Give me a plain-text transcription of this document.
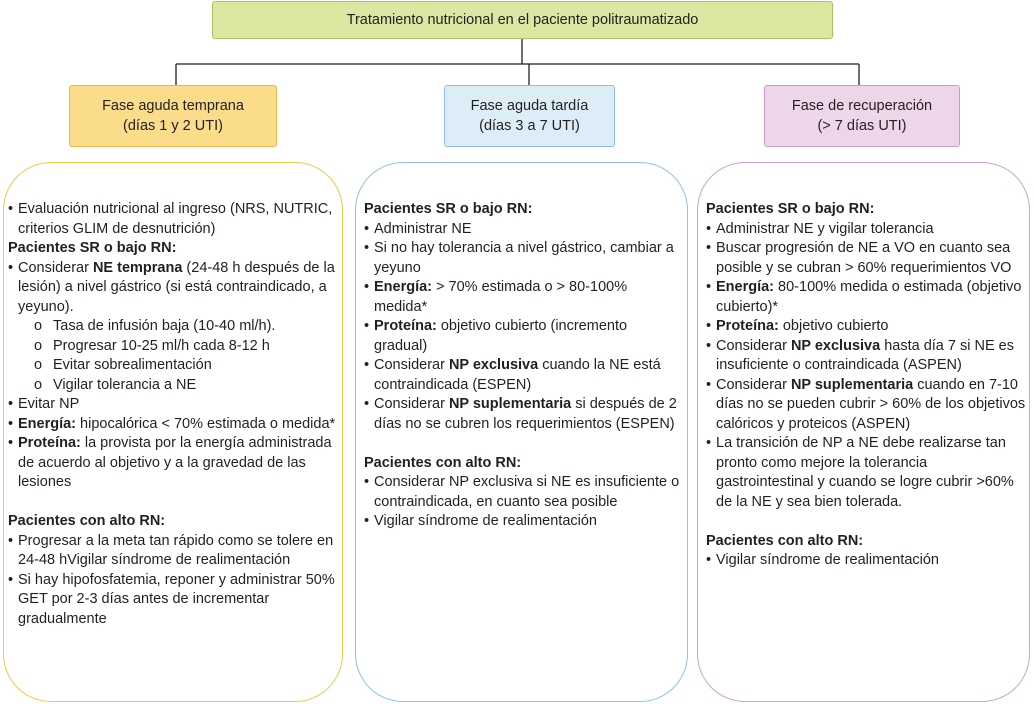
Tratamiento nutricional en el paciente politraumatizado
Fase aguda temprana
(días 1 y 2 UTI)
Fase aguda tardía
(días 3 a 7 UTI)
Fase de recuperación
(> 7 días UTI)
• Evaluación nutricional al ingreso (NRS, NUTRIC, criterios GLIM de desnutrición)
Pacientes SR o bajo RN:
• Considerar NE temprana (24-48 h después de la lesión) a nivel gástrico (si está contraindicado, a yeyuno).
o Tasa de infusión baja (10-40 ml/h).
o Progresar 10-25 ml/h cada 8-12 h
o Evitar sobrealimentación
o Vigilar tolerancia a NE
• Evitar NP
• Energía: hipocalórica < 70% estimada o medida*
• Proteína: la provista por la energía administrada de acuerdo al objetivo y a la gravedad de las lesiones
Pacientes con alto RN:
• Progresar a la meta tan rápido como se tolere en 24-48 hVigilar síndrome de realimentación
• Si hay hipofosfatemia, reponer y administrar 50% GET por 2-3 días antes de incrementar gradualmente
Pacientes SR o bajo RN:
• Administrar NE
• Si no hay tolerancia a nivel gástrico, cambiar a yeyuno
• Energía: > 70% estimada o > 80-100% medida*
• Proteína: objetivo cubierto (incremento gradual)
• Considerar NP exclusiva cuando la NE está contraindicada (ESPEN)
• Considerar NP suplementaria si después de 2 días no se cubren los requerimientos (ESPEN)
Pacientes con alto RN:
• Considerar NP exclusiva si NE es insuficiente o contraindicada, en cuanto sea posible
• Vigilar síndrome de realimentación
Pacientes SR o bajo RN:
• Administrar NE y vigilar tolerancia
• Buscar progresión de NE a VO en cuanto sea posible y se cubran > 60% requerimientos VO
• Energía: 80-100% medida o estimada (objetivo cubierto)*
• Proteína: objetivo cubierto
• Considerar NP exclusiva hasta día 7 si NE es insuficiente o contraindicada (ASPEN)
• Considerar NP suplementaria cuando en 7-10 días no se pueden cubrir > 60% de los objetivos calóricos y proteicos (ASPEN)
• La transición de NP a NE debe realizarse tan pronto como mejore la tolerancia gastrointestinal y cuando se logre cubrir >60% de la NE y sea bien tolerada.
Pacientes con alto RN:
• Vigilar síndrome de realimentación
